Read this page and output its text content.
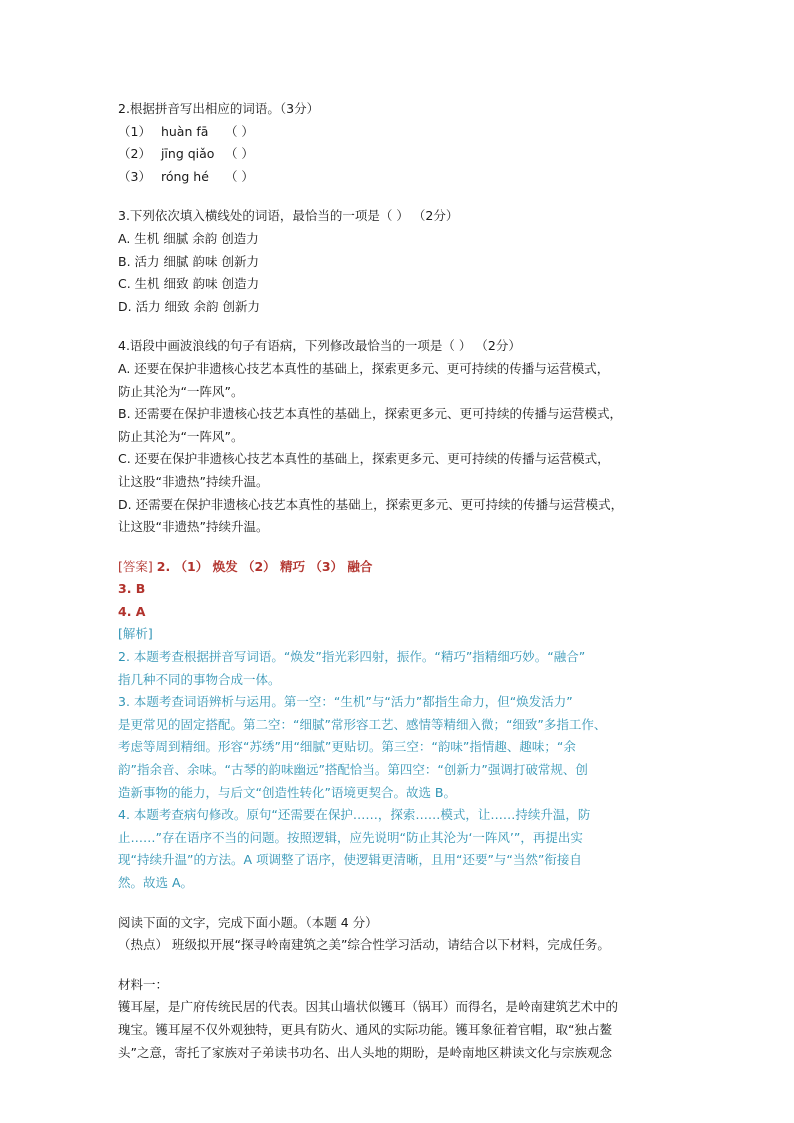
2.根据拼音写出相应的词语。（3分）
（1） huàn fā （ ）
（2） jīng qiǎo （ ）
（3） róng hé （ ）
3.下列依次填入横线处的词语，最恰当的一项是（ ） （2分）
A. 生机 细腻 余韵 创造力
B. 活力 细腻 韵味 创新力
C. 生机 细致 韵味 创造力
D. 活力 细致 余韵 创新力
4.语段中画波浪线的句子有语病，下列修改最恰当的一项是（ ） （2分）
A. 还要在保护非遗核心技艺本真性的基础上，探索更多元、更可持续的传播与运营模式，
防止其沦为“一阵风”。
B. 还需要在保护非遗核心技艺本真性的基础上，探索更多元、更可持续的传播与运营模式，
防止其沦为“一阵风”。
C. 还要在保护非遗核心技艺本真性的基础上，探索更多元、更可持续的传播与运营模式，
让这股“非遗热”持续升温。
D. 还需要在保护非遗核心技艺本真性的基础上，探索更多元、更可持续的传播与运营模式，
让这股“非遗热”持续升温。
[答案] 2. （1） 焕发 （2） 精巧 （3） 融合
3. B
4. A
[解析]
2. 本题考查根据拼音写词语。“焕发”指光彩四射，振作。“精巧”指精细巧妙。“融合”
指几种不同的事物合成一体。
3. 本题考查词语辨析与运用。第一空：“生机”与“活力”都指生命力，但“焕发活力”
是更常见的固定搭配。第二空：“细腻”常形容工艺、感情等精细入微；“细致”多指工作、
考虑等周到精细。形容“苏绣”用“细腻”更贴切。第三空：“韵味”指情趣、趣味；“余
韵”指余音、余味。“古琴的韵味幽远”搭配恰当。第四空：“创新力”强调打破常规、创
造新事物的能力，与后文“创造性转化”语境更契合。故选 B。
4. 本题考查病句修改。原句“还需要在保护……，探索……模式，让……持续升温，防
止……”存在语序不当的问题。按照逻辑，应先说明“防止其沦为‘一阵风’”，再提出实
现“持续升温”的方法。A 项调整了语序，使逻辑更清晰，且用“还要”与“当然”衔接自
然。故选 A。
阅读下面的文字，完成下面小题。（本题 4 分）
（热点） 班级拟开展“探寻岭南建筑之美”综合性学习活动，请结合以下材料，完成任务。
材料一：
镬耳屋，是广府传统民居的代表。因其山墙状似镬耳（锅耳）而得名，是岭南建筑艺术中的
瑰宝。镬耳屋不仅外观独特，更具有防火、通风的实际功能。镬耳象征着官帽，取“独占鳌
头”之意，寄托了家族对子弟读书功名、出人头地的期盼，是岭南地区耕读文化与宗族观念
